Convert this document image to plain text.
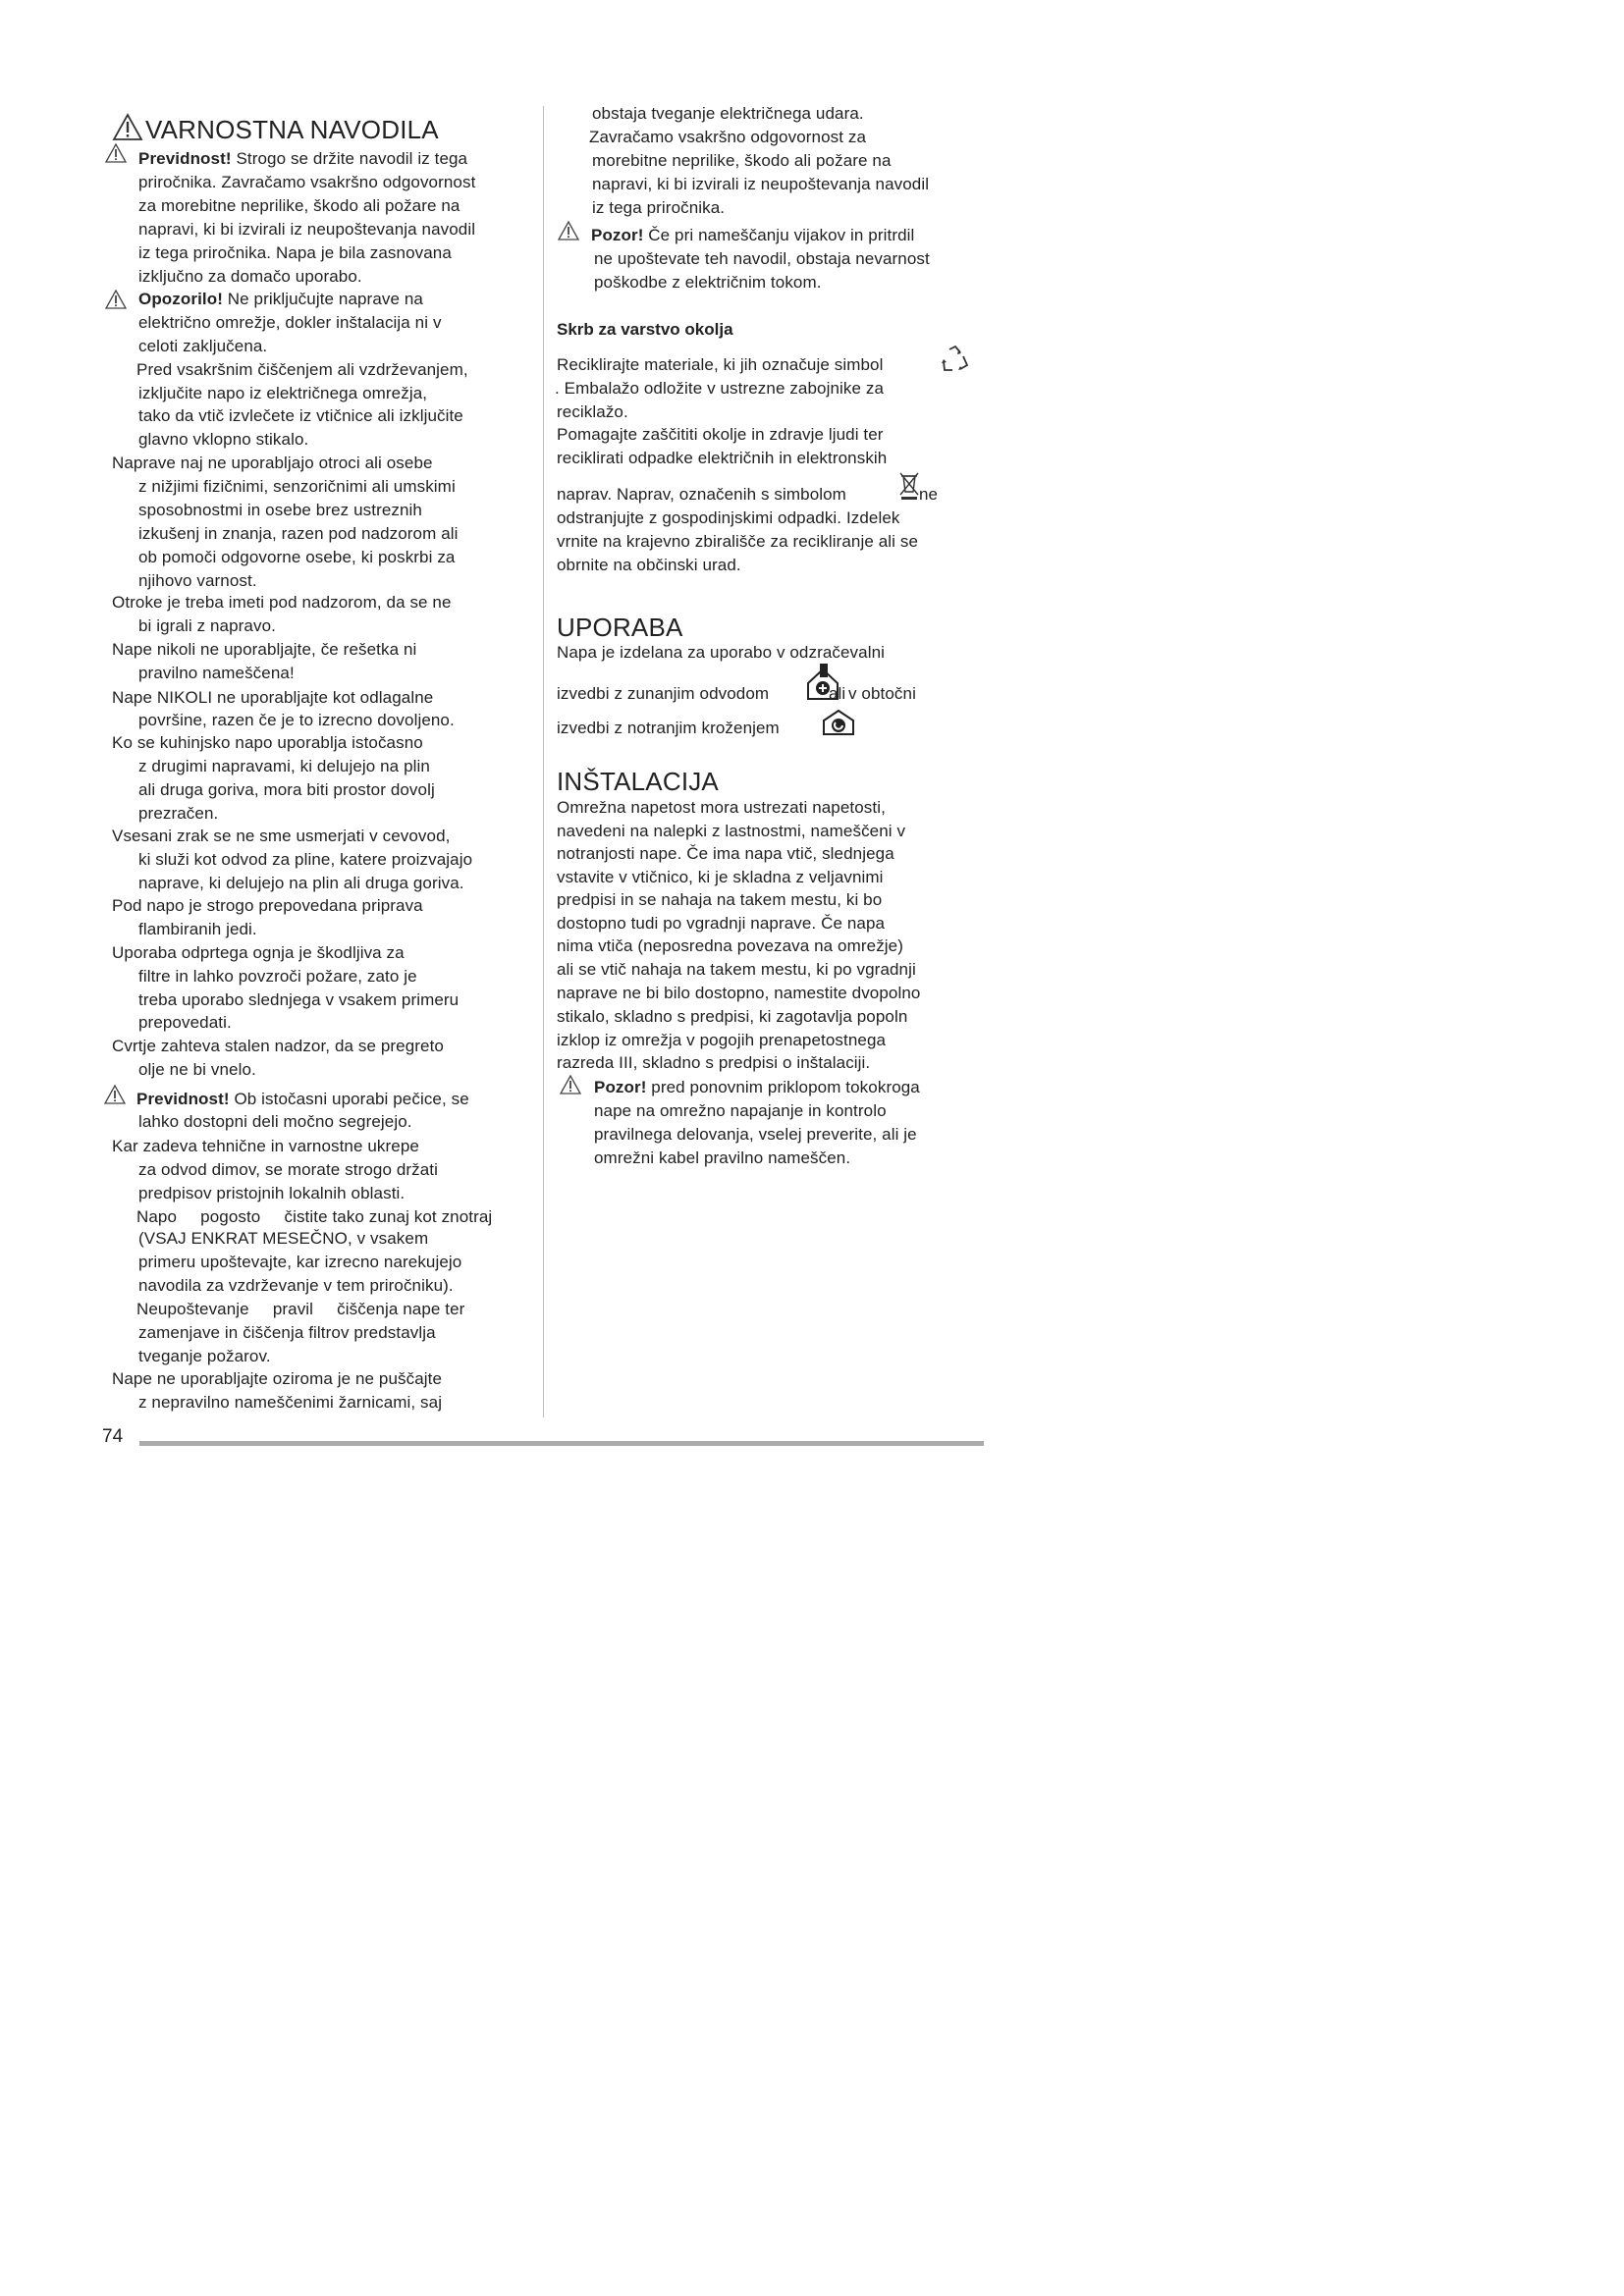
VARNOSTNA NAVODILA
Previdnost! Strogo se držite navodil iz tega
priročnika. Zavračamo vsakršno odgovornost
za morebitne neprilike, škodo ali požare na
napravi, ki bi izvirali iz neupoštevanja navodil
iz tega priročnika. Napa je bila zasnovana
izključno za domačo uporabo.
Opozorilo! Ne priključujte naprave na
električno omrežje, dokler inštalacija ni v
celoti zaključena.
Pred vsakršnim čiščenjem ali vzdrževanjem,
izključite napo iz električnega omrežja,
tako da vtič izvlečete iz vtičnice ali izključite
glavno vklopno stikalo.
Naprave naj ne uporabljajo otroci ali osebe
z nižjimi fizičnimi, senzoričnimi ali umskimi
sposobnostmi in osebe brez ustreznih
izkušenj in znanja, razen pod nadzorom ali
ob pomoči odgovorne osebe, ki poskrbi za
njihovo varnost.
Otroke je treba imeti pod nadzorom, da se ne
bi igrali z napravo.
Nape nikoli ne uporabljajte, če rešetka ni
pravilno nameščena!
Nape NIKOLI ne uporabljajte kot odlagalne
površine, razen če je to izrecno dovoljeno.
Ko se kuhinjsko napo uporablja istočasno
z drugimi napravami, ki delujejo na plin
ali druga goriva, mora biti prostor dovolj
prezračen.
Vsesani zrak se ne sme usmerjati v cevovod,
ki služi kot odvod za pline, katere proizvajajo
naprave, ki delujejo na plin ali druga goriva.
Pod napo je strogo prepovedana priprava
flambiranih jedi.
Uporaba odprtega ognja je škodljiva za
filtre in lahko povzroči požare, zato je
treba uporabo slednjega v vsakem primeru
prepovedati.
Cvrtje zahteva stalen nadzor, da se pregreto
olje ne bi vnelo.
Previdnost! Ob istočasni uporabi pečice, se
lahko dostopni deli močno segrejejo.
Kar zadeva tehnične in varnostne ukrepe
za odvod dimov, se morate strogo držati
predpisov pristojnih lokalnih oblasti.
Napo     pogosto     čistite tako zunaj kot znotraj
(VSAJ ENKRAT MESEČNO, v vsakem
primeru upoštevajte, kar izrecno narekujejo
navodila za vzdrževanje v tem priročniku).
Neupoštevanje     pravil     čiščenja nape ter
zamenjave in čiščenja filtrov predstavlja
tveganje požarov.
Nape ne uporabljajte oziroma je ne puščajte
z nepravilno nameščenimi žarnicami, saj
obstaja tveganje električnega udara.
Zavračamo vsakršno odgovornost za
morebitne neprilike, škodo ali požare na
napravi, ki bi izvirali iz neupoštevanja navodil
iz tega priročnika.
Pozor! Če pri nameščanju vijakov in pritrdil
ne upoštevate teh navodil, obstaja nevarnost
poškodbe z električnim tokom.
Skrb za varstvo okolja
Reciklirajte materiale, ki jih označuje simbol
. Embalažo odložite v ustrezne zabojnike za
reciklažo.
Pomagajte zaščititi okolje in zdravje ljudi ter
reciklirati odpadke električnih in elektronskih
naprav. Naprav, označenih s simbolom	ne
odstranjujte z gospodinjskimi odpadki. Izdelek
vrnite na krajevno zbirališče za recikliranje ali se
obrnite na občinski urad.
UPORABA
Napa je izdelana za uporabo v odzračevalni
izvedbi z zunanjim odvodom	ali v obtočni
izvedbi z notranjim kroženjem
INŠTALACIJA
Omrežna napetost mora ustrezati napetosti,
navedeni na nalepki z lastnostmi, nameščeni v
notranjosti nape. Če ima napa vtič, slednjega
vstavite v vtičnico, ki je skladna z veljavnimi
predpisi in se nahaja na takem mestu, ki bo
dostopno tudi po vgradnji naprave. Če napa
nima vtiča (neposredna povezava na omrežje)
ali se vtič nahaja na takem mestu, ki po vgradnji
naprave ne bi bilo dostopno, namestite dvopolno
stikalo, skladno s predpisi, ki zagotavlja popoln
izklop iz omrežja v pogojih prenapetostnega
razreda III, skladno s predpisi o inštalaciji.
Pozor! pred ponovnim priklopom tokokroga
nape na omrežno napajanje in kontrolo
pravilnega delovanja, vselej preverite, ali je
omrežni kabel pravilno nameščen.
74
